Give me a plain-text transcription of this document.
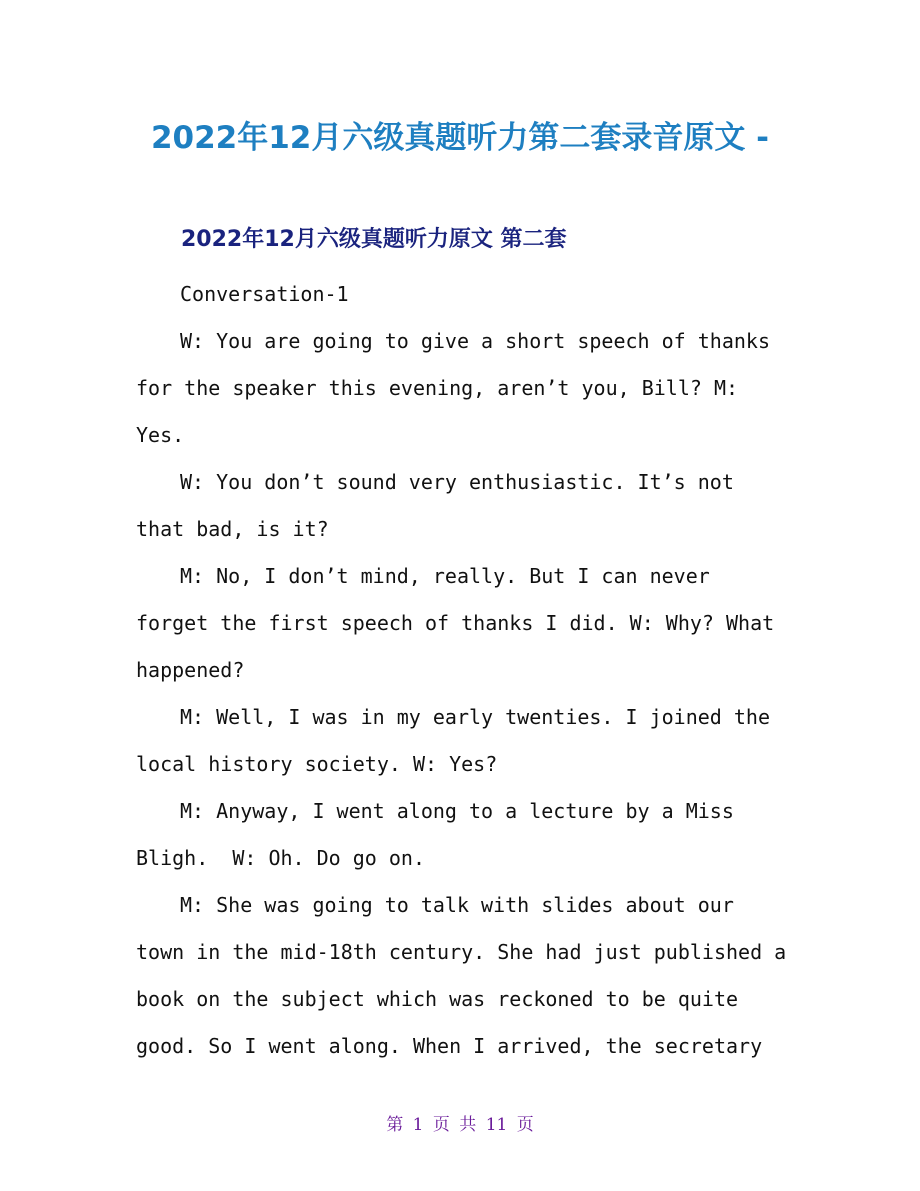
2022年12月六级真题听力第二套录音原文 -
2022年12月六级真题听力原文 第二套
Conversation-1
W: You are going to give a short speech of thanks
for the speaker this evening, aren’t you, Bill? M:
Yes.
W: You don’t sound very enthusiastic. It’s not
that bad, is it?
M: No, I don’t mind, really. But I can never
forget the first speech of thanks I did. W: Why? What
happened?
M: Well, I was in my early twenties. I joined the
local history society. W: Yes?
M: Anyway, I went along to a lecture by a Miss
Bligh.  W: Oh. Do go on.
M: She was going to talk with slides about our
town in the mid-18th century. She had just published a
book on the subject which was reckoned to be quite
good. So I went along. When I arrived, the secretary
第 1 页 共 11 页
